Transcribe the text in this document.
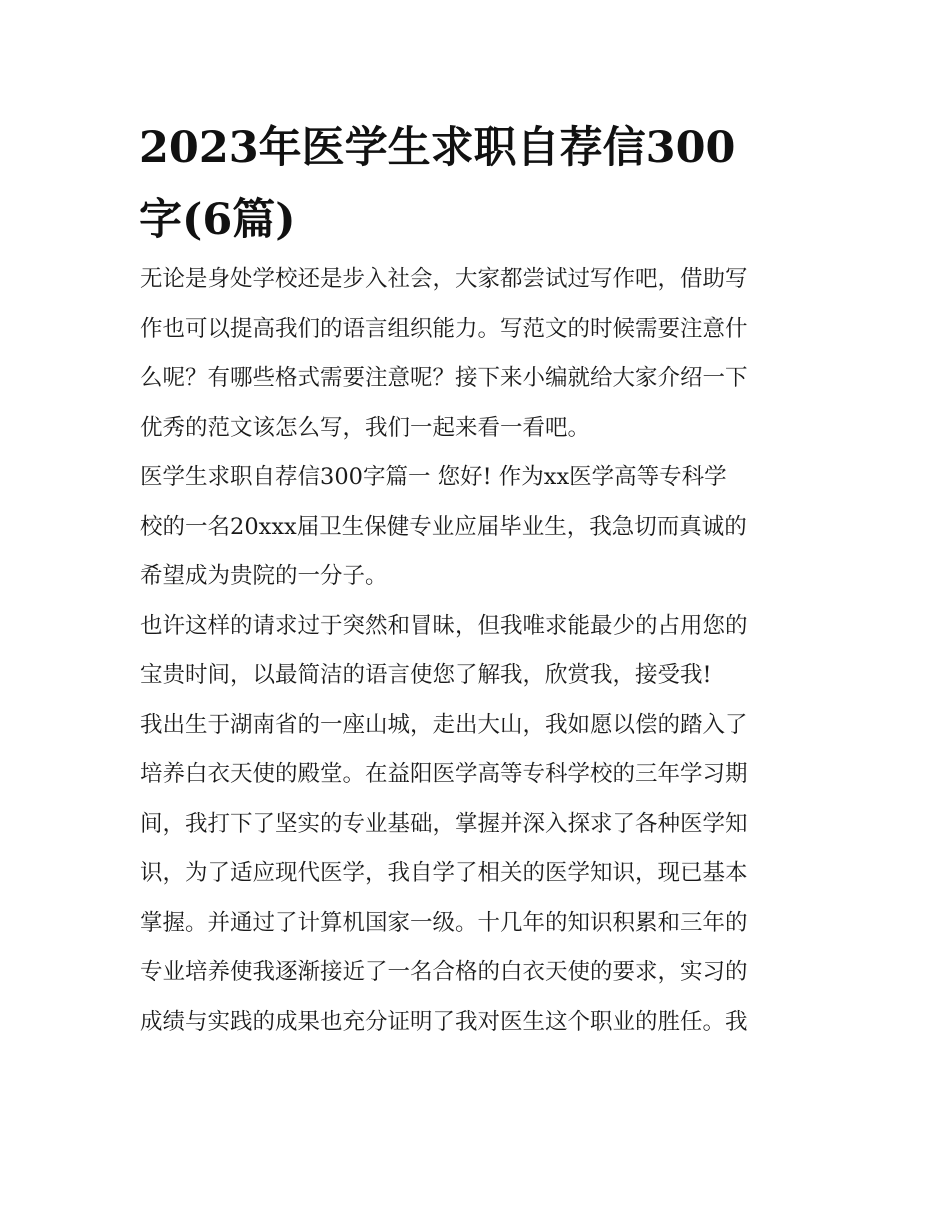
2023年医学生求职自荐信300
字(6篇)
无论是身处学校还是步入社会，大家都尝试过写作吧，借助写
作也可以提高我们的语言组织能力。写范文的时候需要注意什
么呢？有哪些格式需要注意呢？接下来小编就给大家介绍一下
优秀的范文该怎么写，我们一起来看一看吧。
医学生求职自荐信300字篇一 您好! 作为xx医学高等专科学
校的一名20xxx届卫生保健专业应届毕业生，我急切而真诚的
希望成为贵院的一分子。
也许这样的请求过于突然和冒昧，但我唯求能最少的占用您的
宝贵时间，以最简洁的语言使您了解我，欣赏我，接受我!
我出生于湖南省的一座山城，走出大山，我如愿以偿的踏入了
培养白衣天使的殿堂。在益阳医学高等专科学校的三年学习期
间，我打下了坚实的专业基础，掌握并深入探求了各种医学知
识，为了适应现代医学，我自学了相关的医学知识，现已基本
掌握。并通过了计算机国家一级。十几年的知识积累和三年的
专业培养使我逐渐接近了一名合格的白衣天使的要求，实习的
成绩与实践的成果也充分证明了我对医生这个职业的胜任。我
